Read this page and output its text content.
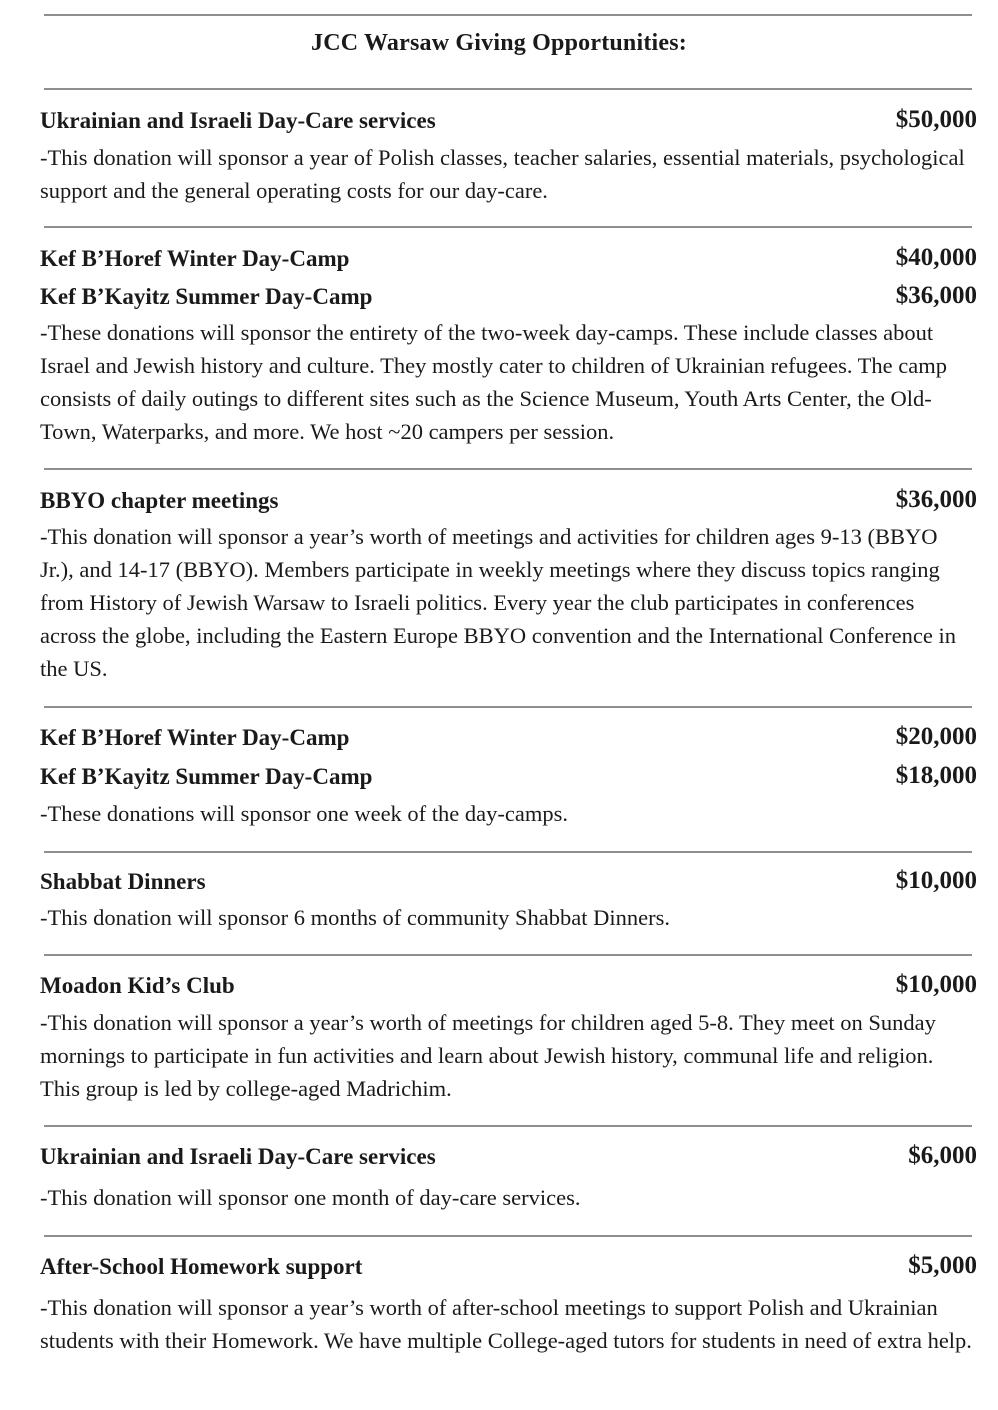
JCC Warsaw Giving Opportunities:
Ukrainian and Israeli Day-Care services	$50,000

-This donation will sponsor a year of Polish classes, teacher salaries, essential materials, psychological support and the general operating costs for our day-care.

Kef B’Horef Winter Day-Camp	$40,000
Kef B’Kayitz Summer Day-Camp	$36,000

-These donations will sponsor the entirety of the two-week day-camps. These include classes about Israel and Jewish history and culture. They mostly cater to children of Ukrainian refugees. The camp consists of daily outings to different sites such as the Science Museum, Youth Arts Center, the Old-Town, Waterparks, and more. We host ~20 campers per session.

BBYO chapter meetings	$36,000

-This donation will sponsor a year’s worth of meetings and activities for children ages 9-13 (BBYO Jr.), and 14-17 (BBYO). Members participate in weekly meetings where they discuss topics ranging from History of Jewish Warsaw to Israeli politics. Every year the club participates in conferences across the globe, including the Eastern Europe BBYO convention and the International Conference in the US.

Kef B’Horef Winter Day-Camp	$20,000
Kef B’Kayitz Summer Day-Camp	$18,000

-These donations will sponsor one week of the day-camps.

Shabbat Dinners	$10,000

-This donation will sponsor 6 months of community Shabbat Dinners.

Moadon Kid’s Club	$10,000

-This donation will sponsor a year’s worth of meetings for children aged 5-8. They meet on Sunday mornings to participate in fun activities and learn about Jewish history, communal life and religion. This group is led by college-aged Madrichim.

Ukrainian and Israeli Day-Care services	$6,000

-This donation will sponsor one month of day-care services.

After-School Homework support	$5,000

-This donation will sponsor a year’s worth of after-school meetings to support Polish and Ukrainian students with their Homework. We have multiple College-aged tutors for students in need of extra help.
